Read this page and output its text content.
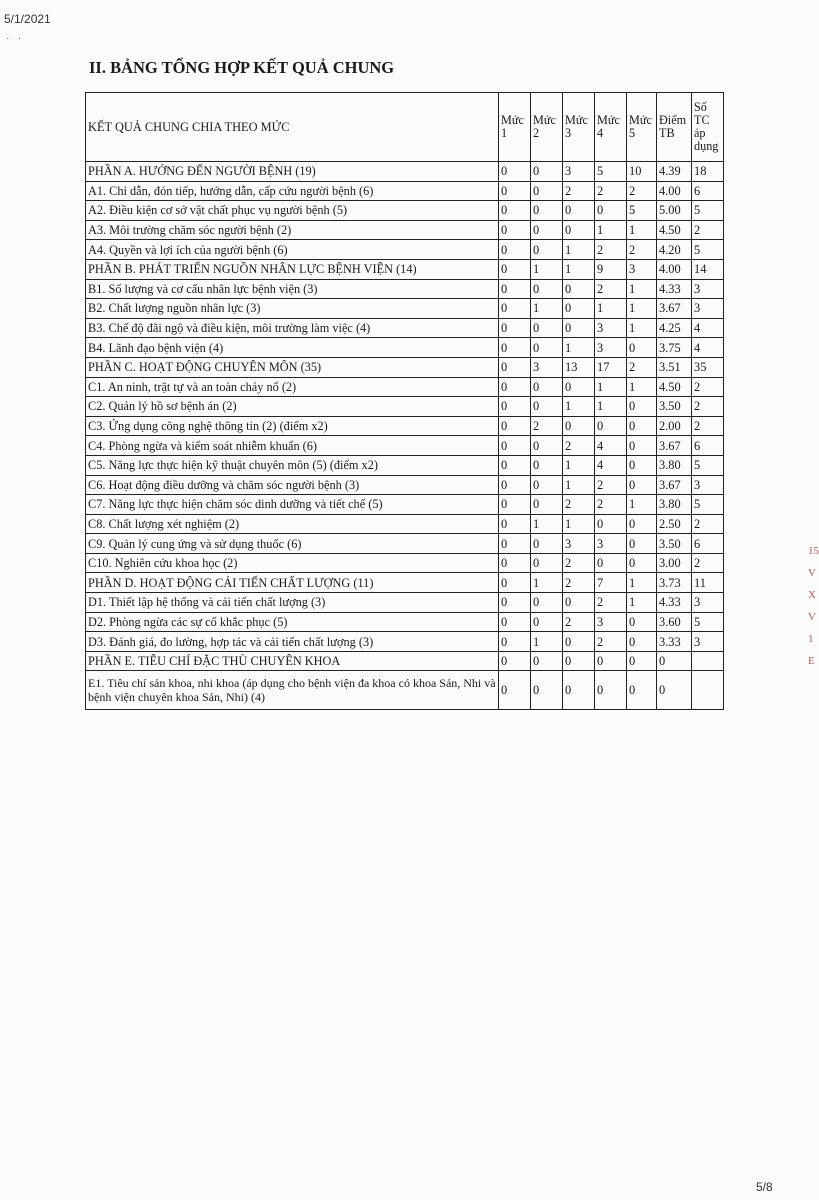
5/1/2021
· ·
II. BẢNG TỔNG HỢP KẾT QUẢ CHUNG
KẾT QUẢ CHUNG CHIA THEO MỨC	Mức 1	Mức 2	Mức 3	Mức 4	Mức 5	Điểm TB	Số TC áp dụng
PHẦN A. HƯỚNG ĐẾN NGƯỜI BỆNH (19)	0	0	3	5	10	4.39	18
A1. Chỉ dẫn, đón tiếp, hướng dẫn, cấp cứu người bệnh (6)	0	0	2	2	2	4.00	6
A2. Điều kiện cơ sở vật chất phục vụ người bệnh (5)	0	0	0	0	5	5.00	5
A3. Môi trường chăm sóc người bệnh (2)	0	0	0	1	1	4.50	2
A4. Quyền và lợi ích của người bệnh (6)	0	0	1	2	2	4.20	5
PHẦN B. PHÁT TRIỂN NGUỒN NHÂN LỰC BỆNH VIỆN (14)	0	1	1	9	3	4.00	14
B1. Số lượng và cơ cấu nhân lực bệnh viện (3)	0	0	0	2	1	4.33	3
B2. Chất lượng nguồn nhân lực (3)	0	1	0	1	1	3.67	3
B3. Chế độ đãi ngộ và điều kiện, môi trường làm việc (4)	0	0	0	3	1	4.25	4
B4. Lãnh đạo bệnh viện (4)	0	0	1	3	0	3.75	4
PHẦN C. HOẠT ĐỘNG CHUYÊN MÔN (35)	0	3	13	17	2	3.51	35
C1. An ninh, trật tự và an toàn cháy nổ (2)	0	0	0	1	1	4.50	2
C2. Quản lý hồ sơ bệnh án (2)	0	0	1	1	0	3.50	2
C3. Ứng dụng công nghệ thông tin (2) (điểm x2)	0	2	0	0	0	2.00	2
C4. Phòng ngừa và kiểm soát nhiễm khuẩn (6)	0	0	2	4	0	3.67	6
C5. Năng lực thực hiện kỹ thuật chuyên môn (5) (điểm x2)	0	0	1	4	0	3.80	5
C6. Hoạt động điều dưỡng và chăm sóc người bệnh (3)	0	0	1	2	0	3.67	3
C7. Năng lực thực hiện chăm sóc dinh dưỡng và tiết chế (5)	0	0	2	2	1	3.80	5
C8. Chất lượng xét nghiệm (2)	0	1	1	0	0	2.50	2
C9. Quản lý cung ứng và sử dụng thuốc (6)	0	0	3	3	0	3.50	6
C10. Nghiên cứu khoa học (2)	0	0	2	0	0	3.00	2
PHẦN D. HOẠT ĐỘNG CẢI TIẾN CHẤT LƯỢNG (11)	0	1	2	7	1	3.73	11
D1. Thiết lập hệ thống và cải tiến chất lượng (3)	0	0	0	2	1	4.33	3
D2. Phòng ngừa các sự cố khắc phục (5)	0	0	2	3	0	3.60	5
D3. Đánh giá, đo lường, hợp tác và cải tiến chất lượng (3)	0	1	0	2	0	3.33	3
PHẦN E. TIÊU CHÍ ĐẶC THÙ CHUYÊN KHOA	0	0	0	0	0	0	
E1. Tiêu chí sản khoa, nhi khoa (áp dụng cho bệnh viện đa khoa có khoa Sản, Nhi và bệnh viện chuyên khoa Sản, Nhi) (4)	0	0	0	0	0	0	
15
V
X
V
1
E
5/8
